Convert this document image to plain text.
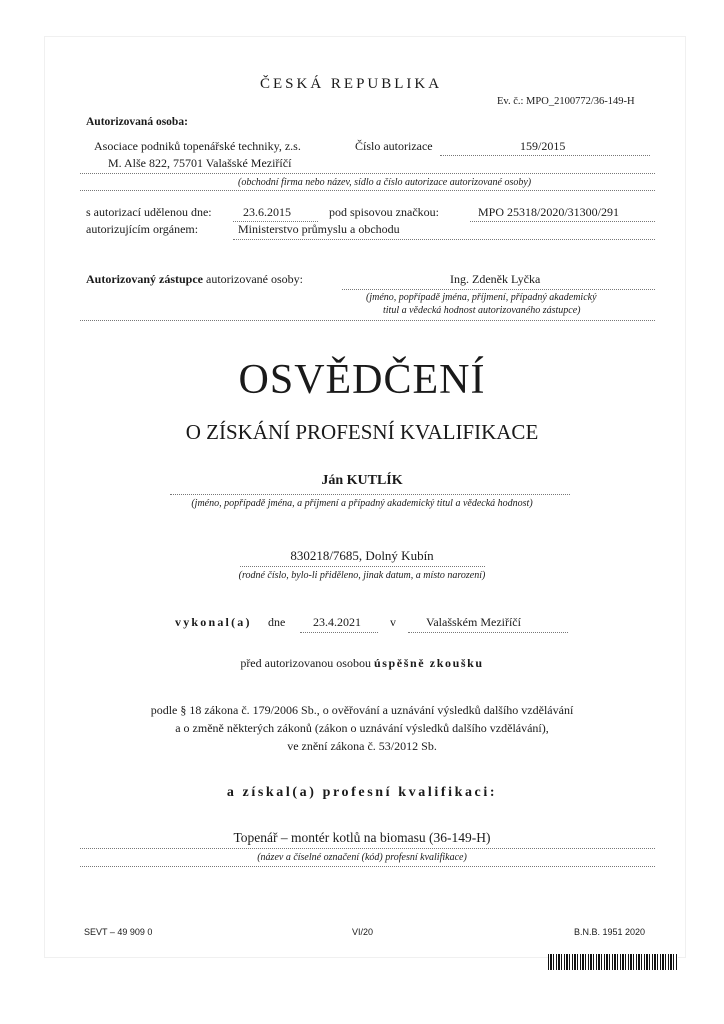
ČESKÁ REPUBLIKA
Ev. č.: MPO_2100772/36-149-H
Autorizovaná osoba:
Asociace podniků topenářské techniky, z.s.	Číslo autorizace	159/2015
M. Alše 822, 75701 Valašské Meziříčí
(obchodní firma nebo název, sídlo a číslo autorizace autorizované osoby)
s autorizací udělenou dne:	23.6.2015	pod spisovou značkou:	MPO 25318/2020/31300/291
autorizujícím orgánem:	Ministerstvo průmyslu a obchodu
Autorizovaný zástupce autorizované osoby:	Ing. Zdeněk Lyčka
(jméno, popřípadě jména, příjmení, případný akademický
titul a vědecká hodnost autorizovaného zástupce)
OSVĚDČENÍ
O ZÍSKÁNÍ PROFESNÍ KVALIFIKACE
Ján KUTLÍK
(jméno, popřípadě jména, a příjmení a případný akademický titul a vědecká hodnost)
830218/7685, Dolný Kubín
(rodné číslo, bylo-li přiděleno, jinak datum, a místo narození)
vykonal(a) dne 23.4.2021 v	Valašském Meziříčí
před autorizovanou osobou úspěšně zkoušku
podle § 18 zákona č. 179/2006 Sb., o ověřování a uznávání výsledků dalšího vzdělávání
a o změně některých zákonů (zákon o uznávání výsledků dalšího vzdělávání),
ve znění zákona č. 53/2012 Sb.
a získal(a) profesní kvalifikaci:
Topenář – montér kotlů na biomasu (36-149-H)
(název a číselné označení (kód) profesní kvalifikace)
SEVT – 49 909 0	VI/20	B.N.B. 1951 2020
